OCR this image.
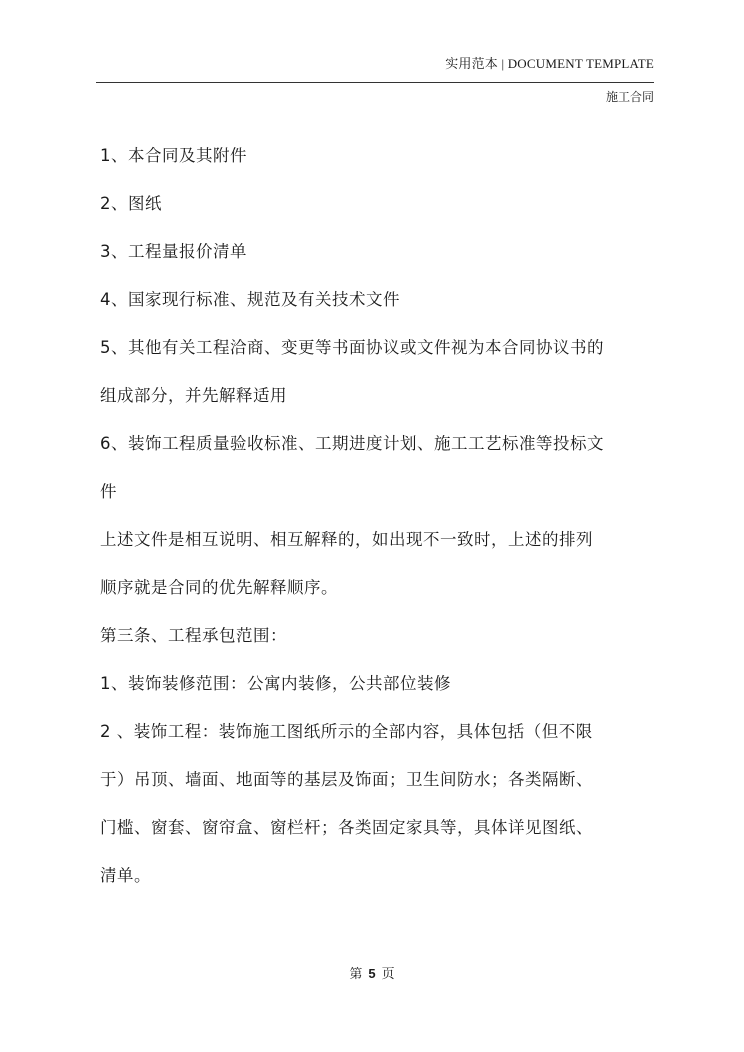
实用范本 | DOCUMENT TEMPLATE
施工合同
1、本合同及其附件
2、图纸
3、工程量报价清单
4、国家现行标准、规范及有关技术文件
5、其他有关工程洽商、变更等书面协议或文件视为本合同协议书的
组成部分，并先解释适用
6、装饰工程质量验收标准、工期进度计划、施工工艺标准等投标文
件
上述文件是相互说明、相互解释的，如出现不一致时，上述的排列
顺序就是合同的优先解释顺序。
第三条、工程承包范围：
1、装饰装修范围：公寓内装修，公共部位装修
2 、装饰工程：装饰施工图纸所示的全部内容，具体包括（但不限
于）吊顶、墙面、地面等的基层及饰面；卫生间防水；各类隔断、
门槛、窗套、窗帘盒、窗栏杆；各类固定家具等，具体详见图纸、
清单。
第 5 页
